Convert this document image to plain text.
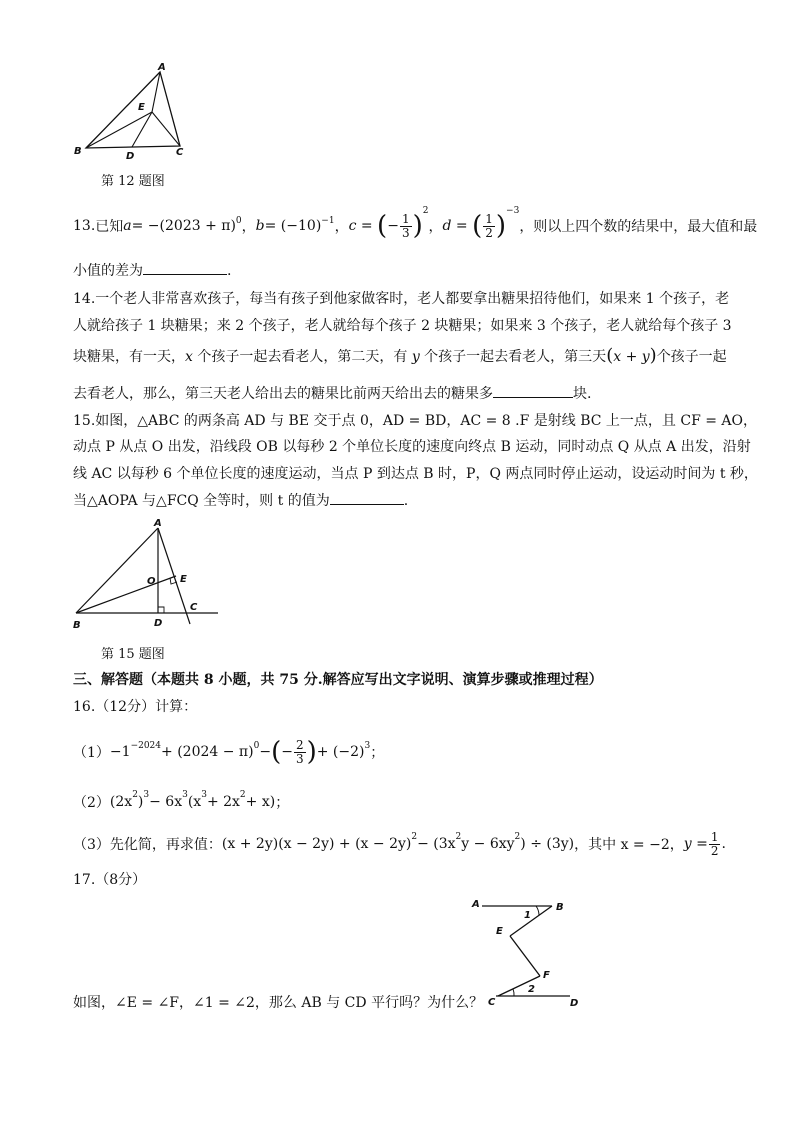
A
B	C
D
E
第 12 题图
13. 已知 $a = -(2023 + \pi)^0$ ， $b = (-10)^{-1}$ ， c = ( − $\frac{1}{3} )^2$
， d = ( $\frac{1}{2} )^{-3}$
，则以上四个数的结果中，最大值和最
小值的差为	.
14.一个老人非常喜欢孩子，每当有孩子到他家做客时，老人都要拿出糖果招待他们，如果来 1 个孩子，老
人就给孩子 1 块糖果；来 2 个孩子，老人就给每个孩子 2 块糖果；如果来 3 个孩子，老人就给每个孩子 3
块糖果，有一天，x 个孩子一起去看老人，第二天，有 y 个孩子一起去看老人，第三天(x + y)个孩子一起
去看老人，那么，第三天老人给出去的糖果比前两天给出去的糖果多	块.
15.如图，△ABC 的两条高 AD 与 BE 交于点 0，AD = BD，AC = 8 .F 是射线 BC 上一点，且 CF = AO，
动点 P 从点 O 出发，沿线段 OB 以每秒 2 个单位长度的速度向终点 B 运动，同时动点 Q 从点 A 出发，沿射
线 AC 以每秒 6 个单位长度的速度运动，当点 P 到达点 B 时，P，Q 两点同时停止运动，设运动时间为 t 秒，
当△AOPA 与△FCQ 全等时，则 t 的值为	.
A
B
C
D
E
O
第 15 题图
三、解答题（本题共 8 小题，共 75 分.解答应写出文字说明、演算步骤或推理过程）
16.（12分）计算：
$(1) -1^{-2024} + (2024 - \pi)^0$ − ( − $\frac{2}{3}$ ) + $(-2)^3$ ；
（2） ($2x^2$ )$^3 - 6x^3$ $(x^3 + 2x^2 + x)$ ；
（3）先化简，再求值： $(x + 2y)(x - 2y) + (x - 2y)^2 - (3x^2$ $y - 6xy^2$ ) ÷ (3y) ，其中 x = −2， $y = \frac{1}{2}$ .
17.（8分）
A	B
C	D
E
F
1
2
如图，∠E = ∠F，∠1 = ∠2，那么 AB 与 CD 平行吗？为什么？
